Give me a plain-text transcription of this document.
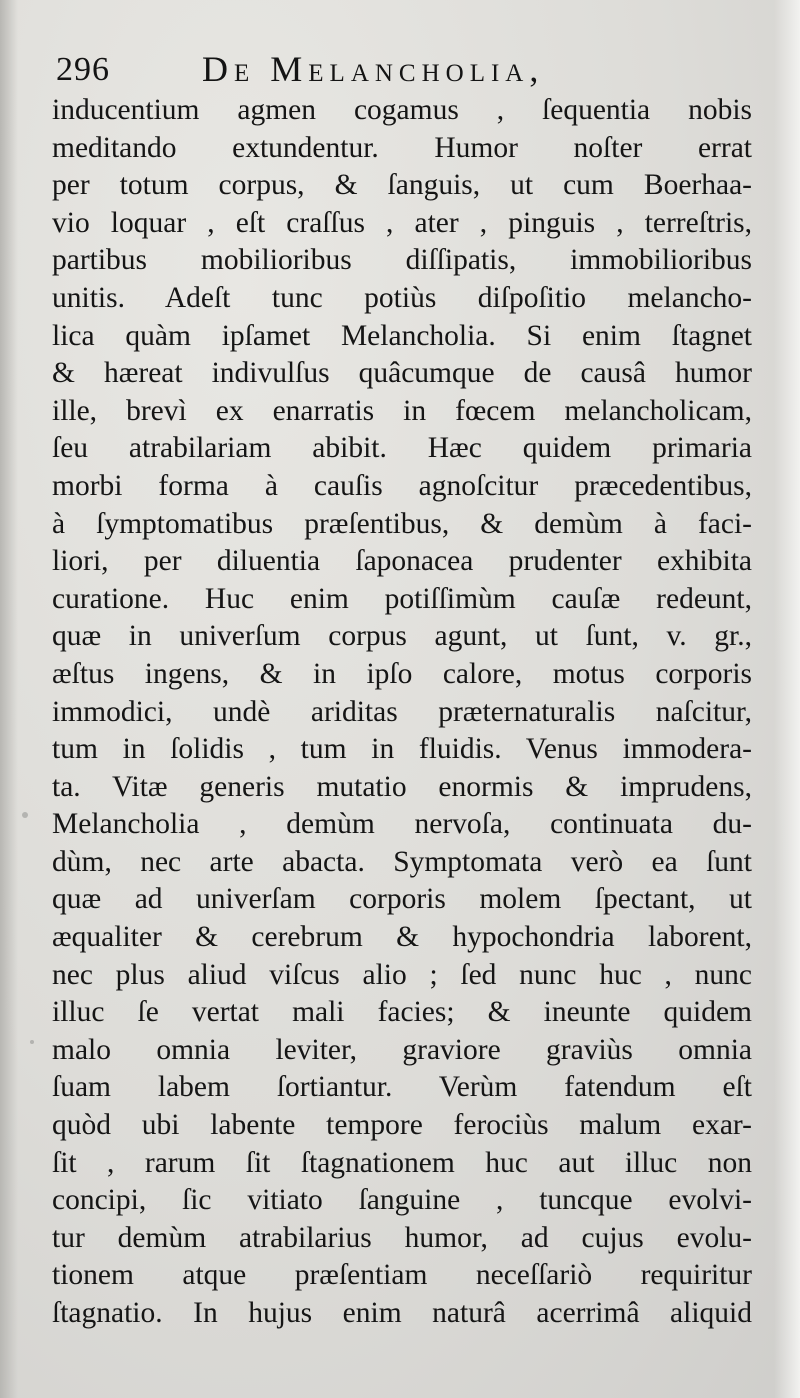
296	De Melancholia,
inducentium agmen cogamus , ſequentia nobis
meditando extundentur. Humor noſter errat
per totum corpus, & ſanguis, ut cum Boerhaa-
vio loquar , eſt craſſus , ater , pinguis , terreſtris,
partibus mobilioribus diſſipatis, immobilioribus
unitis. Adeſt tunc potiùs diſpoſitio melancho-
lica quàm ipſamet Melancholia. Si enim ſtagnet
& hæreat indivulſus quâcumque de causâ humor
ille, brevì ex enarratis in fœcem melancholicam,
ſeu atrabilariam abibit. Hæc quidem primaria
morbi forma à cauſis agnoſcitur præcedentibus,
à ſymptomatibus præſentibus, & demùm à faci-
liori, per diluentia ſaponacea prudenter exhibita
curatione. Huc enim potiſſimùm cauſæ redeunt,
quæ in univerſum corpus agunt, ut ſunt, v. gr.,
æſtus ingens, & in ipſo calore, motus corporis
immodici, undè ariditas præternaturalis naſcitur,
tum in ſolidis , tum in fluidis. Venus immodera-
ta. Vitæ generis mutatio enormis & imprudens,
Melancholia , demùm nervoſa, continuata du-
dùm, nec arte abacta. Symptomata verò ea ſunt
quæ ad univerſam corporis molem ſpectant, ut
æqualiter & cerebrum & hypochondria laborent,
nec plus aliud viſcus alio ; ſed nunc huc , nunc
illuc ſe vertat mali facies; & ineunte quidem
malo omnia leviter, graviore graviùs omnia
ſuam labem ſortiantur. Verùm fatendum eſt
quòd ubi labente tempore ferociùs malum exar-
ſit , rarum ſit ſtagnationem huc aut illuc non
concipi, ſic vitiato ſanguine , tuncque evolvi-
tur demùm atrabilarius humor, ad cujus evolu-
tionem atque præſentiam neceſſariò requiritur
ſtagnatio. In hujus enim naturâ acerrimâ aliquid
